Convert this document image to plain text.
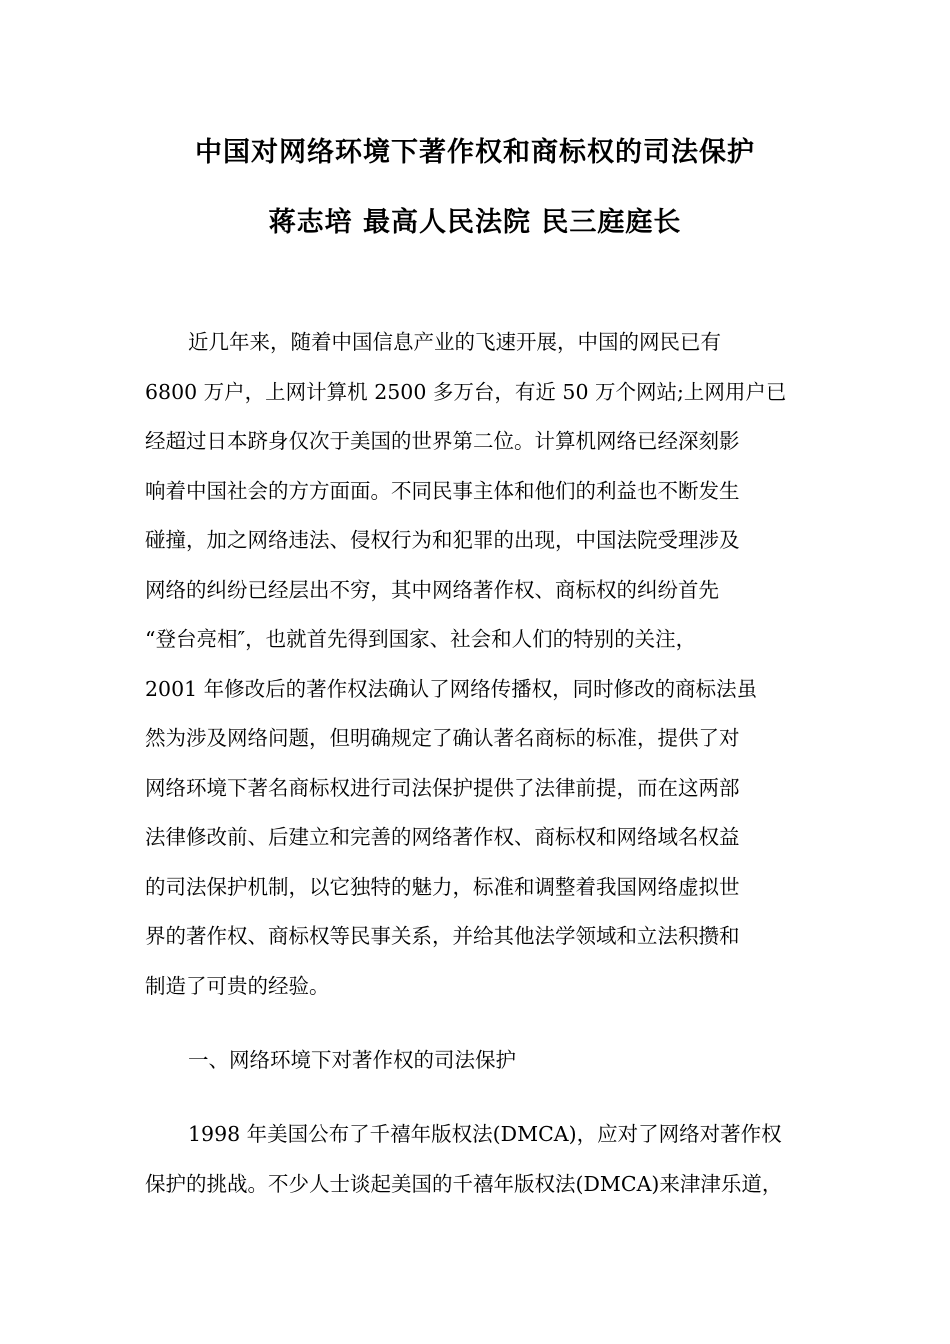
中国对网络环境下著作权和商标权的司法保护
蒋志培 最高人民法院 民三庭庭长
近几年来，随着中国信息产业的飞速开展，中国的网民已有
6800 万户，上网计算机 2500 多万台，有近 50 万个网站;上网用户已
经超过日本跻身仅次于美国的世界第二位。计算机网络已经深刻影
响着中国社会的方方面面。不同民事主体和他们的利益也不断发生
碰撞，加之网络违法、侵权行为和犯罪的出现，中国法院受理涉及
网络的纠纷已经层出不穷，其中网络著作权、商标权的纠纷首先
“登台亮相″，也就首先得到国家、社会和人们的特别的关注，
2001 年修改后的著作权法确认了网络传播权，同时修改的商标法虽
然为涉及网络问题，但明确规定了确认著名商标的标准，提供了对
网络环境下著名商标权进行司法保护提供了法律前提，而在这两部
法律修改前、后建立和完善的网络著作权、商标权和网络域名权益
的司法保护机制，以它独特的魅力，标准和调整着我国网络虚拟世
界的著作权、商标权等民事关系，并给其他法学领域和立法积攒和
制造了可贵的经验。
一、网络环境下对著作权的司法保护
1998 年美国公布了千禧年版权法(DMCA)，应对了网络对著作权
保护的挑战。不少人士谈起美国的千禧年版权法(DMCA)来津津乐道，
